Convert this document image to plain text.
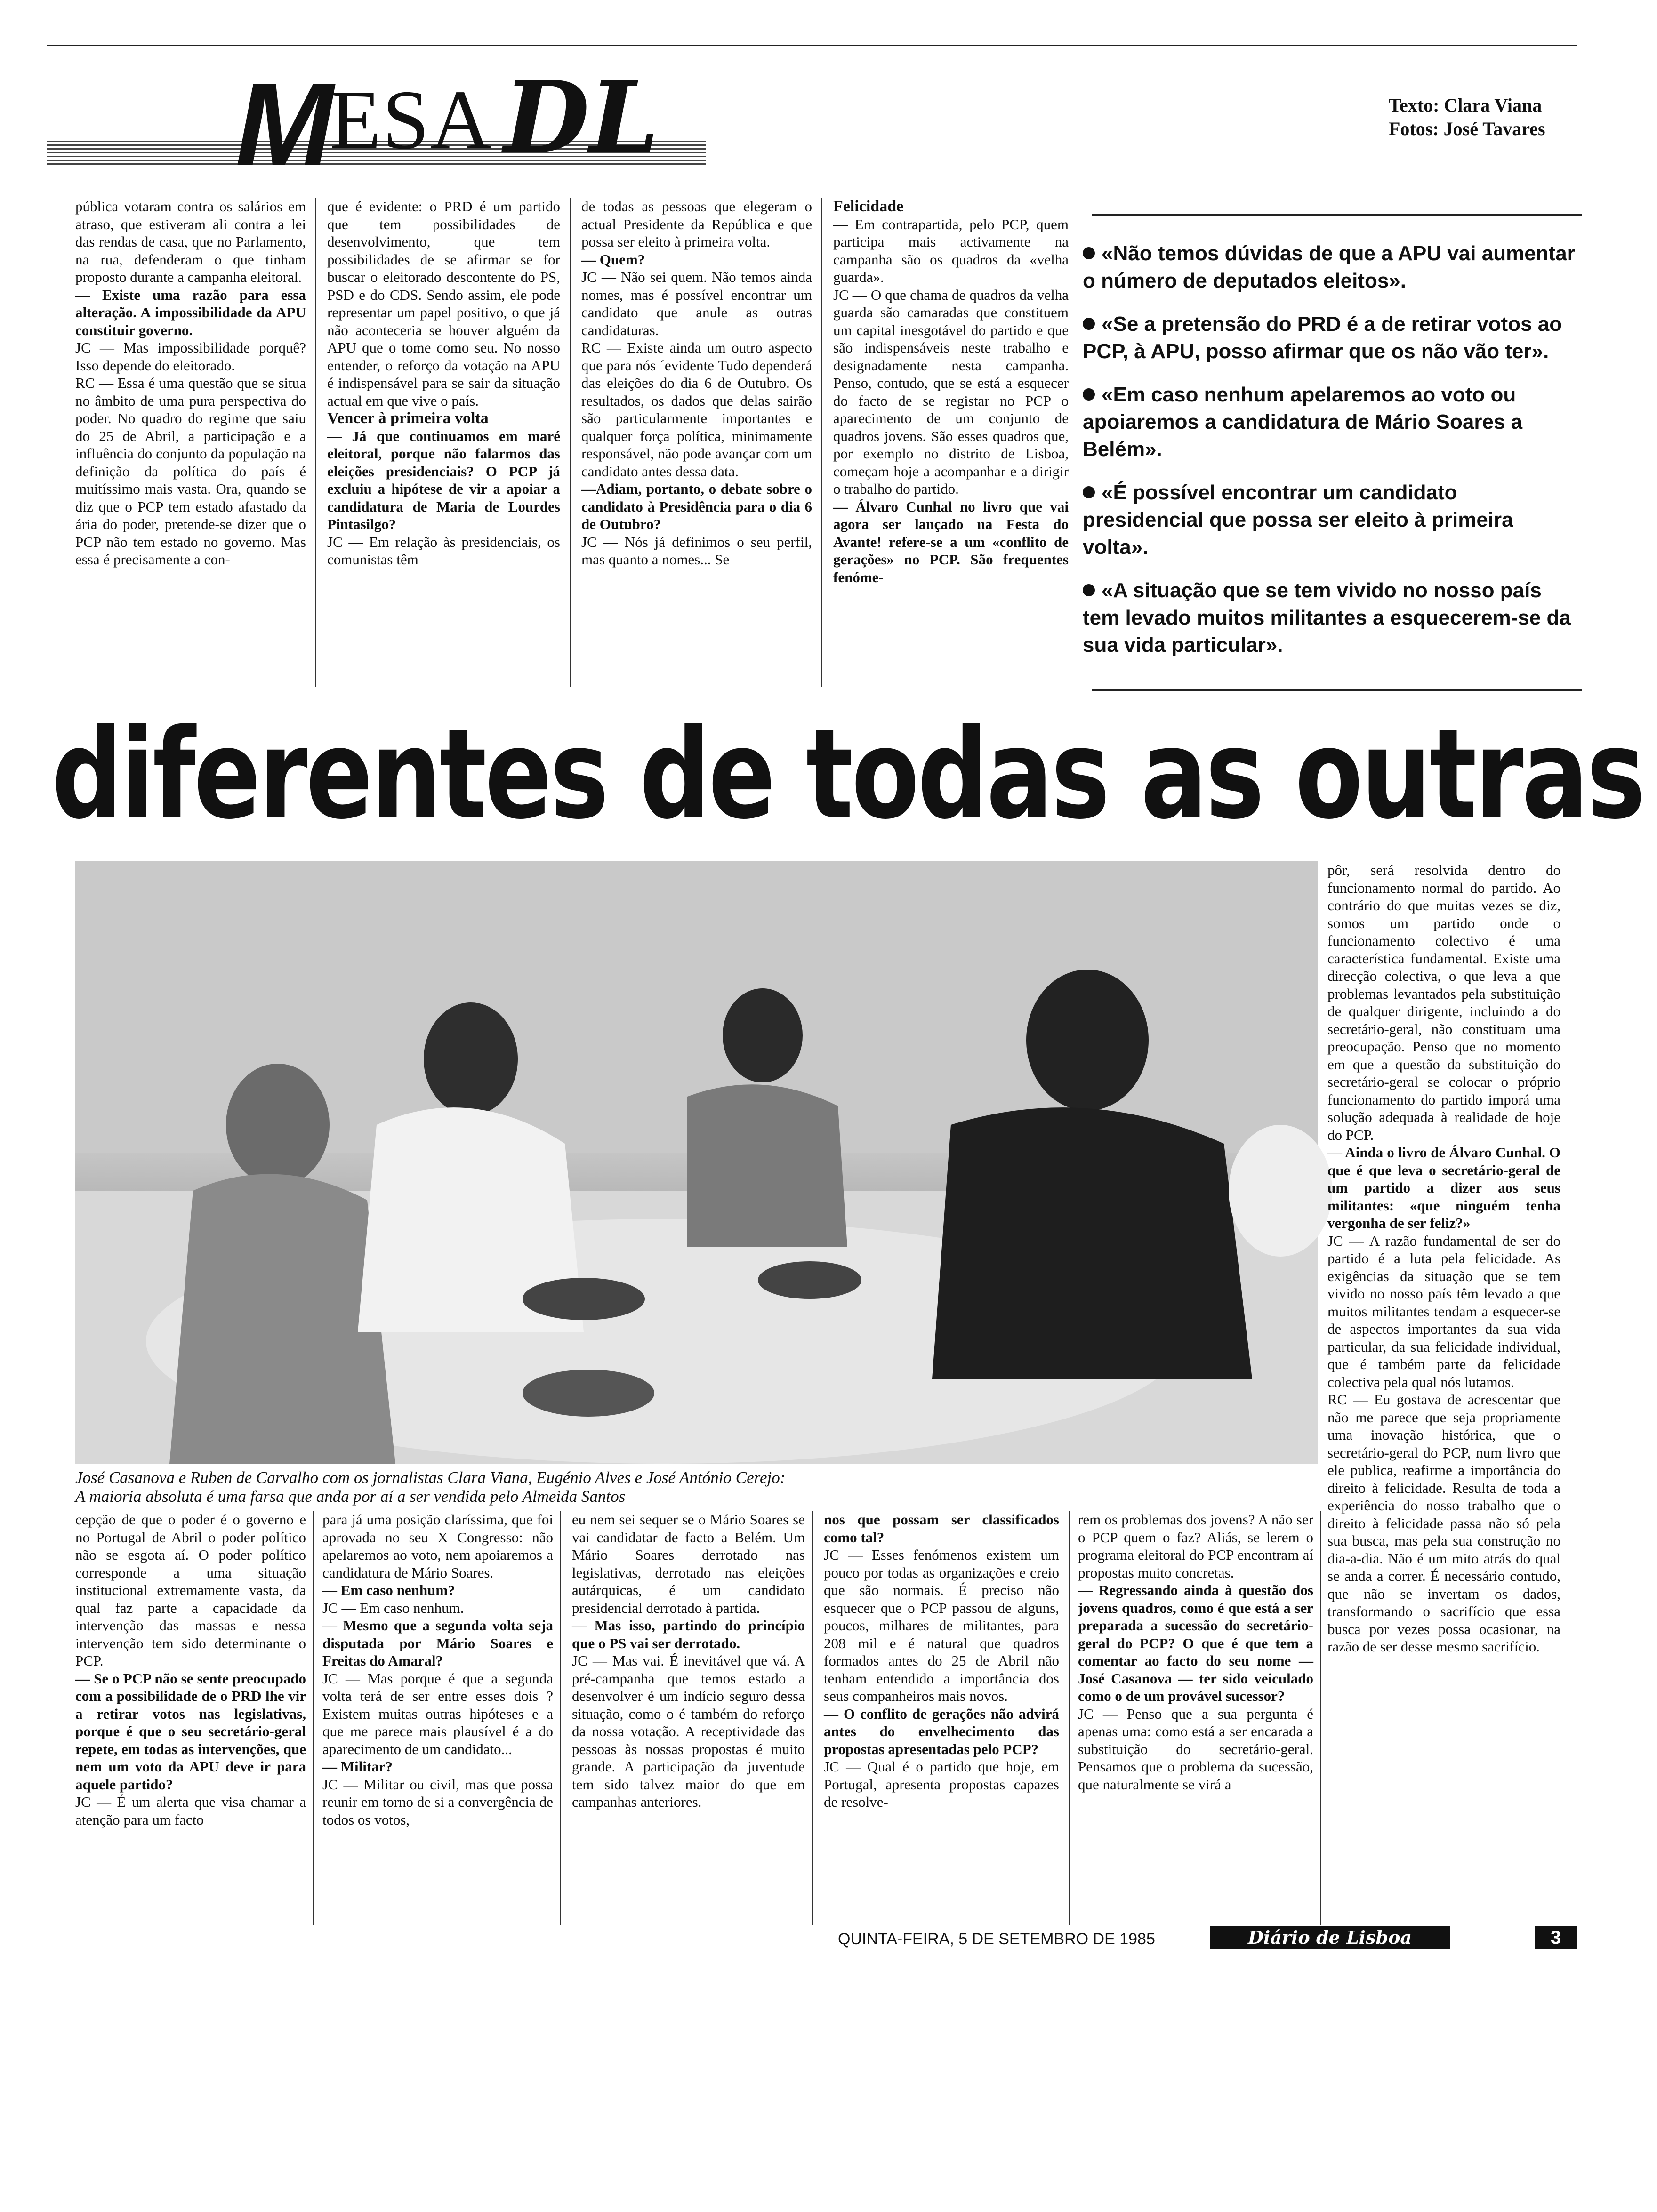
M
ESA DL	Texto: Clara Viana
Fotos: José Tavares

pública votaram contra os salários em atraso, que estiveram ali contra a lei das rendas de casa, que no Parlamento, na rua, defenderam o que tinham proposto durante a campanha eleitoral.

— Existe uma razão para essa alteração. A impossibilidade da APU constituir governo.

JC — Mas impossibilidade porquê? Isso depende do eleitorado.

RC — Essa é uma questão que se situa no âmbito de uma pura perspectiva do poder. No quadro do regime que saiu do 25 de Abril, a participação e a influência do conjunto da população na definição da política do país é muitíssimo mais vasta. Ora, quando se diz que o PCP tem estado afastado da ária do poder, pretende-se dizer que o PCP não tem estado no governo. Mas essa é precisamente a con-

que é evidente: o PRD é um partido que tem possibilidades de desenvolvimento, que tem possibilidades de se afirmar se for buscar o eleitorado descontente do PS, PSD e do CDS. Sendo assim, ele pode representar um papel positivo, o que já não aconteceria se houver alguém da APU que o tome como seu. No nosso entender, o reforço da votação na APU é indispensável para se sair da situação actual em que vive o país.

Vencer à primeira volta

— Já que continuamos em maré eleitoral, porque não falarmos das eleições presidenciais? O PCP já excluiu a hipótese de vir a apoiar a candidatura de Maria de Lourdes Pintasilgo?

JC — Em relação às presidenciais, os comunistas têm

de todas as pessoas que elegeram o actual Presidente da República e que possa ser eleito à primeira volta.

— Quem?

JC — Não sei quem. Não temos ainda nomes, mas é possível encontrar um candidato que anule as outras candidaturas.

RC — Existe ainda um outro aspecto que para nós ´evidente Tudo dependerá das eleições do dia 6 de Outubro. Os resultados, os dados que delas sairão são particularmente importantes e qualquer força política, minimamente responsável, não pode avançar com um candidato antes dessa data.

—Adiam, portanto, o debate sobre o candidato à Presidência para o dia 6 de Outubro?

JC — Nós já definimos o seu perfil, mas quanto a nomes... Se

Felicidade

— Em contrapartida, pelo PCP, quem participa mais activamente na campanha são os quadros da «velha guarda».

JC — O que chama de quadros da velha guarda são camaradas que constituem um capital inesgotável do partido e que são indispensáveis neste trabalho e designadamente nesta campanha. Penso, contudo, que se está a esquecer do facto de se registar no PCP o aparecimento de um conjunto de quadros jovens. São esses quadros que, por exemplo no distrito de Lisboa, começam hoje a acompanhar e a dirigir o trabalho do partido.

— Álvaro Cunhal no livro que vai agora ser lançado na Festa do Avante! refere-se a um «conflito de gerações» no PCP. São frequentes fenóme-

«Não temos dúvidas de que a APU vai aumentar o número de deputados eleitos».
«Se a pretensão do PRD é a de retirar votos ao PCP, à APU, posso afirmar que os não vão ter».
«Em caso nenhum apelaremos ao voto ou apoiaremos a candidatura de Mário Soares a Belém».
«É possível encontrar um candidato presidencial que possa ser eleito à primeira volta».
«A situação que se tem vivido no nosso país tem levado muitos militantes a esquecerem-se da sua vida particular».
diferentes de todas as outras
José Casanova e Ruben de Carvalho com os jornalistas Clara Viana, Eugénio Alves e José António Cerejo:
A maioria absoluta é uma farsa que anda por aí a ser vendida pelo Almeida Santos

pôr, será resolvida dentro do funcionamento normal do partido. Ao contrário do que muitas vezes se diz, somos um partido onde o funcionamento colectivo é uma característica fundamental. Existe uma direcção colectiva, o que leva a que problemas levantados pela substituição de qualquer dirigente, incluindo a do secretário-geral, não constituam uma preocupação. Penso que no momento em que a questão da substituição do secretário-geral se colocar o próprio funcionamento do partido imporá uma solução adequada à realidade de hoje do PCP.

— Ainda o livro de Álvaro Cunhal. O que é que leva o secretário-geral de um partido a dizer aos seus militantes: «que ninguém tenha vergonha de ser feliz?»

JC — A razão fundamental de ser do partido é a luta pela felicidade. As exigências da situação que se tem vivido no nosso país têm levado a que muitos militantes tendam a esquecer-se de aspectos importantes da sua vida particular, da sua felicidade individual, que é também parte da felicidade colectiva pela qual nós lutamos.

RC — Eu gostava de acrescentar que não me parece que seja propriamente uma inovação histórica, que o secretário-geral do PCP, num livro que ele publica, reafirme a importância do direito à felicidade. Resulta de toda a experiência do nosso trabalho que o direito à felicidade passa não só pela sua busca, mas pela sua construção no dia-a-dia. Não é um mito atrás do qual se anda a correr. É necessário contudo, que não se invertam os dados, transformando o sacrifício que essa busca por vezes possa ocasionar, na razão de ser desse mesmo sacrifício.

cepção de que o poder é o governo e no Portugal de Abril o poder político não se esgota aí. O poder político corresponde a uma situação institucional extremamente vasta, da qual faz parte a capacidade da intervenção das massas e nessa intervenção tem sido determinante o PCP.

— Se o PCP não se sente preocupado com a possibilidade de o PRD lhe vir a retirar votos nas legislativas, porque é que o seu secretário-geral repete, em todas as intervenções, que nem um voto da APU deve ir para aquele partido?

JC — É um alerta que visa chamar a atenção para um facto

para já uma posição claríssima, que foi aprovada no seu X Congresso: não apelaremos ao voto, nem apoiaremos a candidatura de Mário Soares.

— Em caso nenhum?

JC — Em caso nenhum.

— Mesmo que a segunda volta seja disputada por Mário Soares e Freitas do Amaral?

JC — Mas porque é que a segunda volta terá de ser entre esses dois ? Existem muitas outras hipóteses e a que me parece mais plausível é a do aparecimento de um candidato...

— Militar?

JC — Militar ou civil, mas que possa reunir em torno de si a convergência de todos os votos,

eu nem sei sequer se o Mário Soares se vai candidatar de facto a Belém. Um Mário Soares derrotado nas legislativas, derrotado nas eleições autárquicas, é um candidato presidencial derrotado à partida.

— Mas isso, partindo do princípio que o PS vai ser derrotado.

JC — Mas vai. É inevitável que vá. A pré-campanha que temos estado a desenvolver é um indício seguro dessa situação, como o é também do reforço da nossa votação. A receptividade das pessoas às nossas propostas é muito grande. A participação da juventude tem sido talvez maior do que em campanhas anteriores.

nos que possam ser classificados como tal?

JC — Esses fenómenos existem um pouco por todas as organizações e creio que são normais. É preciso não esquecer que o PCP passou de alguns, poucos, milhares de militantes, para 208 mil e é natural que quadros formados antes do 25 de Abril não tenham entendido a importância dos seus companheiros mais novos.

— O conflito de gerações não advirá antes do envelhecimento das propostas apresentadas pelo PCP?

JC — Qual é o partido que hoje, em Portugal, apresenta propostas capazes de resolve-

rem os problemas dos jovens? A não ser o PCP quem o faz? Aliás, se lerem o programa eleitoral do PCP encontram aí propostas muito concretas.

— Regressando ainda à questão dos jovens quadros, como é que está a ser preparada a sucessão do secretário-geral do PCP? O que é que tem a comentar ao facto do seu nome — José Casanova — ter sido veiculado como o de um provável sucessor?

JC — Penso que a sua pergunta é apenas uma: como está a ser encarada a substituição do secretário-geral. Pensamos que o problema da sucessão, que naturalmente se virá a

QUINTA-FEIRA, 5 DE SETEMBRO DE 1985	Diário de Lisboa	3
